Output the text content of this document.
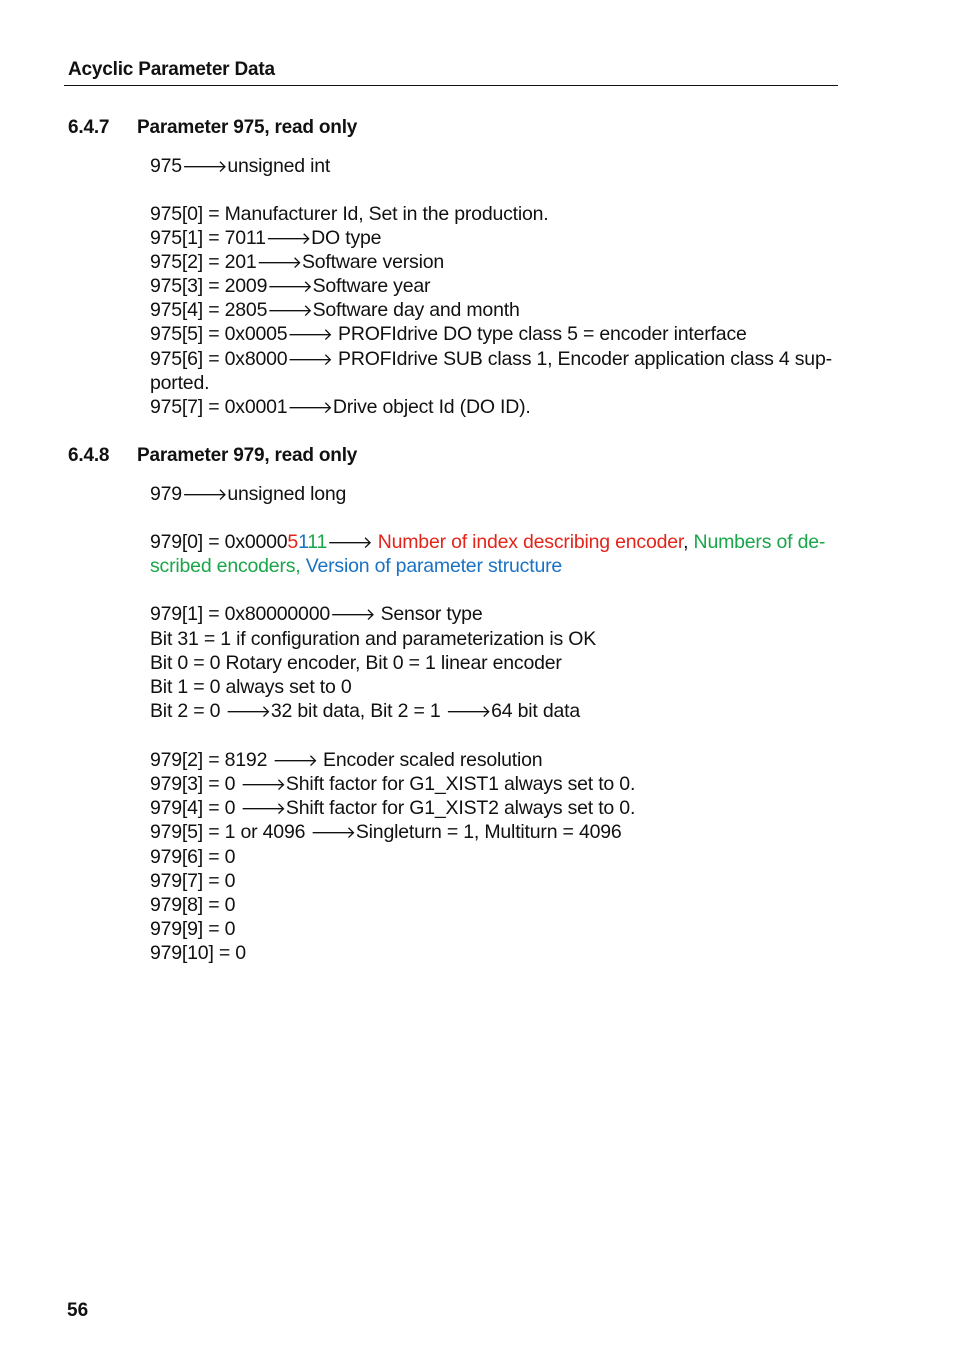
Acyclic Parameter Data
6.4.7 Parameter 975, read only
975🡒unsigned int
975[0] = Manufacturer Id, Set in the production.
975[1] = 7011🡒DO type
975[2] = 201🡒Software version
975[3] = 2009🡒Software year
975[4] = 2805🡒Software day and month
975[5] = 0x0005🡒 PROFIdrive DO type class 5 = encoder interface
975[6] = 0x8000🡒 PROFIdrive SUB class 1, Encoder application class 4 sup-
ported.
975[7] = 0x0001🡒Drive object Id (DO ID).
6.4.8 Parameter 979, read only
979🡒unsigned long
979[0] = 0x00005111🡒 Number of index describing encoder, Numbers of de-
scribed encoders, Version of parameter structure
979[1] = 0x80000000🡒 Sensor type
Bit 31 = 1 if configuration and parameterization is OK
Bit 0 = 0 Rotary encoder, Bit 0 = 1 linear encoder
Bit 1 = 0 always set to 0
Bit 2 = 0 🡒32 bit data, Bit 2 = 1 🡒64 bit data
979[2] = 8192 🡒 Encoder scaled resolution
979[3] = 0 🡒Shift factor for G1_XIST1 always set to 0.
979[4] = 0 🡒Shift factor for G1_XIST2 always set to 0.
979[5] = 1 or 4096 🡒Singleturn = 1, Multiturn = 4096
979[6] = 0
979[7] = 0
979[8] = 0
979[9] = 0
979[10] = 0
56
